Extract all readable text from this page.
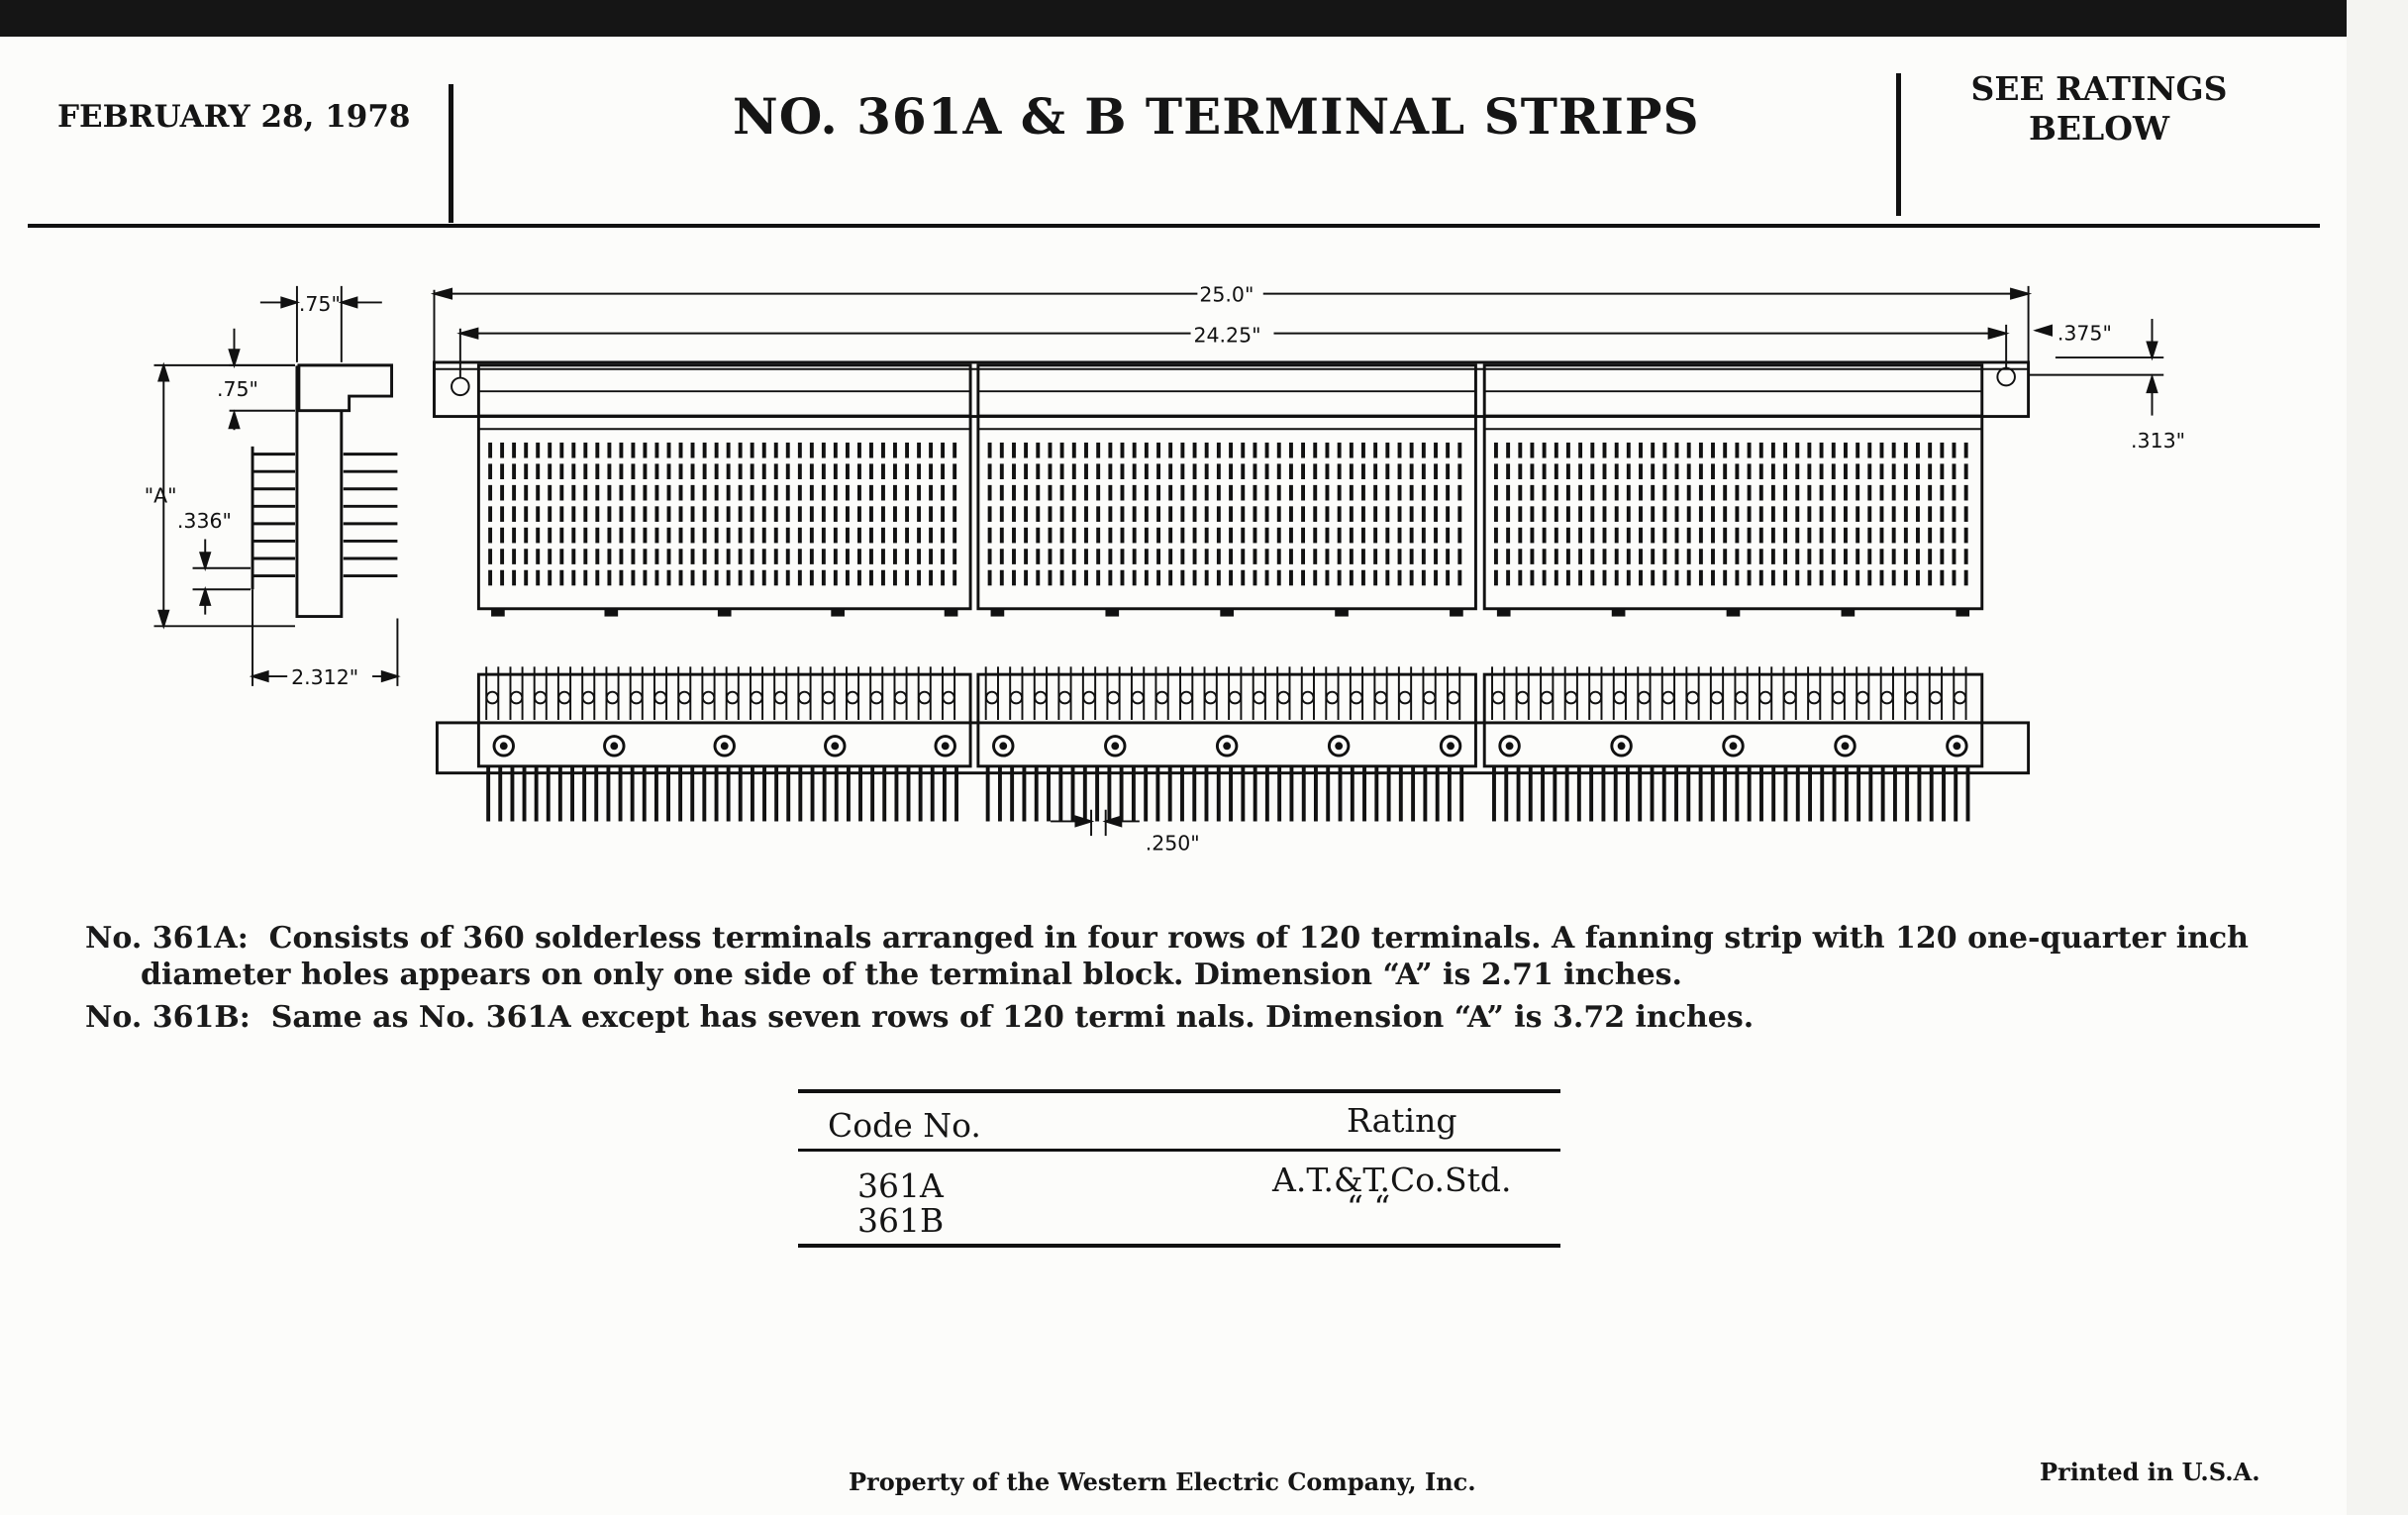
FEBRUARY 28, 1978	NO. 361A & B TERMINAL STRIPS	SEE RATINGS BELOW
25.0"
24.25"	.375"
.313"
.75"
.75"
"A"
.336"
2.312"
.250"
No. 361A: Consists of 360 solderless terminals arranged in four rows of 120 terminals. A fanning strip with 120 one-quarter inch
diameter holes appears on only one side of the terminal block. Dimension “A” is 2.71 inches.
No. 361B: Same as No. 361A except has seven rows of 120 termi nals. Dimension “A” is 3.72 inches.
Code No.	Rating
361A	A.T.&T.Co.Std.
361B	“ “
Property of the Western Electric Company, Inc.	Printed in U.S.A.
